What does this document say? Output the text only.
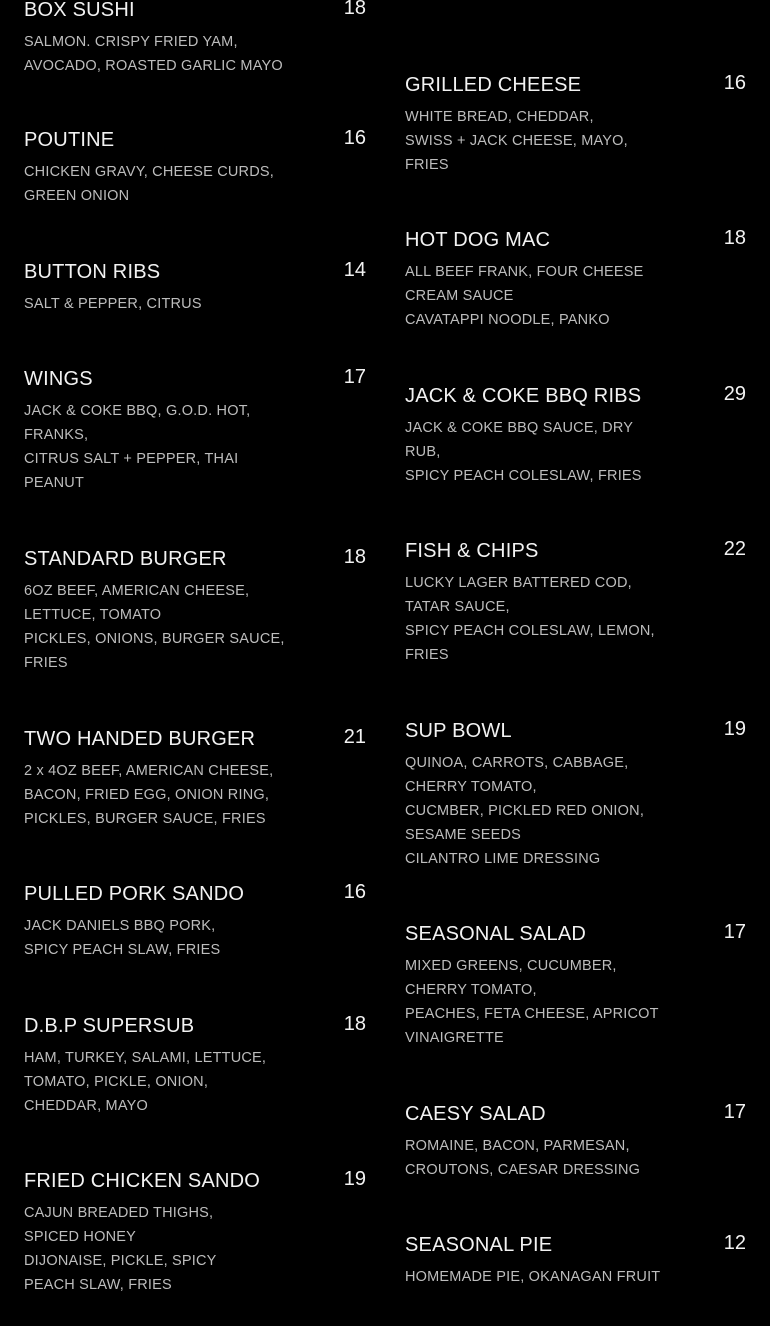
BOX SUSHI	18
SALMON. CRISPY FRIED YAM,
AVOCADO, ROASTED GARLIC MAYO
POUTINE	16
CHICKEN GRAVY, CHEESE CURDS,
GREEN ONION
BUTTON RIBS	14
SALT & PEPPER, CITRUS
WINGS	17
JACK & COKE BBQ, G.O.D. HOT,
FRANKS,
CITRUS SALT + PEPPER, THAI
PEANUT
STANDARD BURGER	18
6OZ BEEF, AMERICAN CHEESE,
LETTUCE, TOMATO
PICKLES, ONIONS, BURGER SAUCE,
FRIES
TWO HANDED BURGER	21
2 x 4OZ BEEF, AMERICAN CHEESE,
BACON, FRIED EGG, ONION RING,
PICKLES, BURGER SAUCE, FRIES
PULLED PORK SANDO	16
JACK DANIELS BBQ PORK,
SPICY PEACH SLAW, FRIES
D.B.P SUPERSUB	18
HAM, TURKEY, SALAMI, LETTUCE,
TOMATO, PICKLE, ONION,
CHEDDAR, MAYO
FRIED CHICKEN SANDO	19
CAJUN BREADED THIGHS,
SPICED HONEY
DIJONAISE, PICKLE, SPICY
PEACH SLAW, FRIES
GRILLED CHEESE	16
WHITE BREAD, CHEDDAR,
SWISS + JACK CHEESE, MAYO,
FRIES
HOT DOG MAC	18
ALL BEEF FRANK, FOUR CHEESE
CREAM SAUCE
CAVATAPPI NOODLE, PANKO
JACK & COKE BBQ RIBS	29
JACK & COKE BBQ SAUCE, DRY
RUB,
SPICY PEACH COLESLAW, FRIES
FISH & CHIPS	22
LUCKY LAGER BATTERED COD,
TATAR SAUCE,
SPICY PEACH COLESLAW, LEMON,
FRIES
SUP BOWL	19
QUINOA, CARROTS, CABBAGE,
CHERRY TOMATO,
CUCMBER, PICKLED RED ONION,
SESAME SEEDS
CILANTRO LIME DRESSING
SEASONAL SALAD	17
MIXED GREENS, CUCUMBER,
CHERRY TOMATO,
PEACHES, FETA CHEESE, APRICOT
VINAIGRETTE
CAESY SALAD	17
ROMAINE, BACON, PARMESAN,
CROUTONS, CAESAR DRESSING
SEASONAL PIE	12
HOMEMADE PIE, OKANAGAN FRUIT
